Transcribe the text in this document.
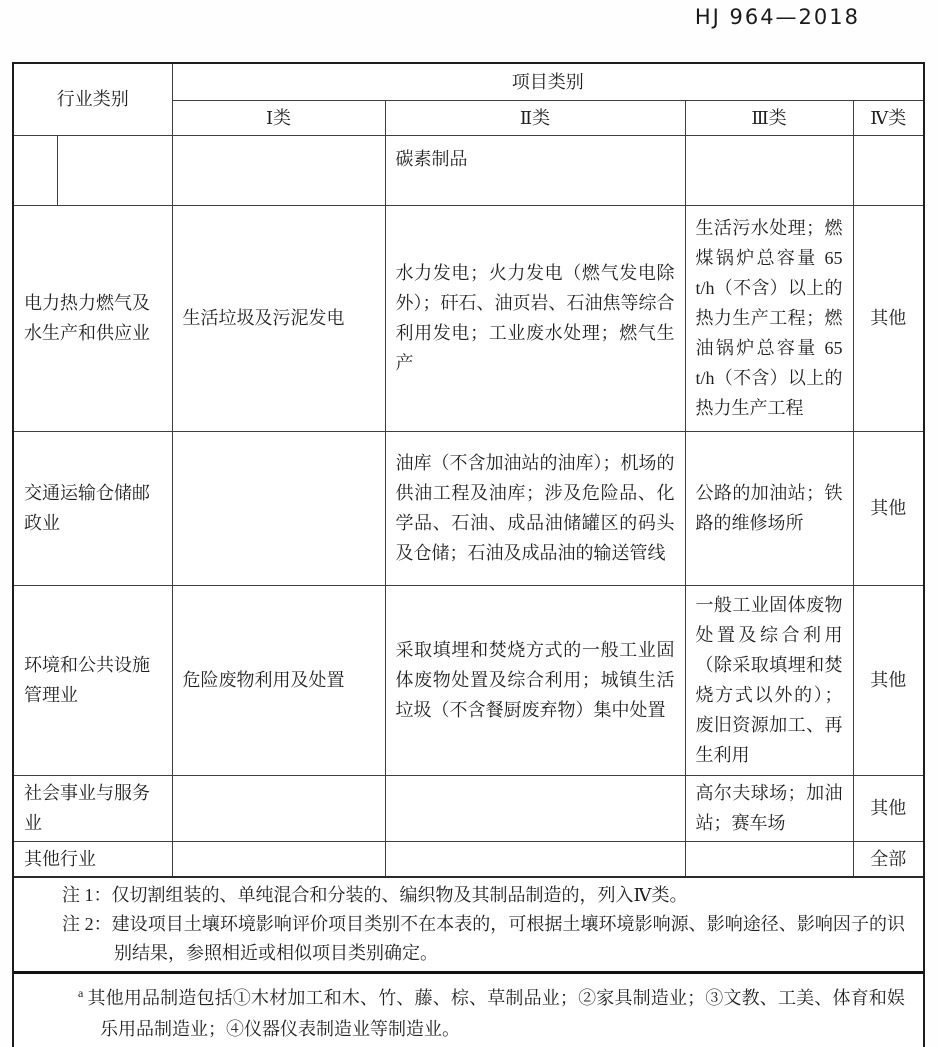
HJ 964—2018
行业类别	项目类别			
	Ⅰ类	Ⅱ类	Ⅲ类	Ⅳ类

		碳素制品		
电力热力燃气及水生产和供应业	生活垃圾及污泥发电	水力发电；火力发电（燃气发电除外）；矸石、油页岩、石油焦等综合利用发电；工业废水处理；燃气生产	生活污水处理；燃煤锅炉总容量 65 t/h（不含）以上的热力生产工程；燃油锅炉总容量 65 t/h（不含）以上的热力生产工程	其他
交通运输仓储邮政业		油库（不含加油站的油库）；机场的供油工程及油库；涉及危险品、化学品、石油、成品油储罐区的码头及仓储；石油及成品油的输送管线	公路的加油站；铁路的维修场所	其他
环境和公共设施管理业	危险废物利用及处置	采取填埋和焚烧方式的一般工业固体废物处置及综合利用；城镇生活垃圾（不含餐厨废弃物）集中处置	一般工业固体废物处置及综合利用（除采取填埋和焚烧方式以外的）；废旧资源加工、再生利用	其他
社会事业与服务业			高尔夫球场；加油站；赛车场	其他
其他行业				全部

注 1：仅切割组装的、单纯混合和分装的、编织物及其制品制造的，列入Ⅳ类。

注 2：建设项目土壤环境影响评价项目类别不在本表的，可根据土壤环境影响源、影响途径、影响因子的识别结果，参照相近或相似项目类别确定。

$^a$ 其他用品制造包括①木材加工和木、竹、藤、棕、草制品业；②家具制造业；③文教、工美、体育和娱乐用品制造业；④仪器仪表制造业等制造业。
